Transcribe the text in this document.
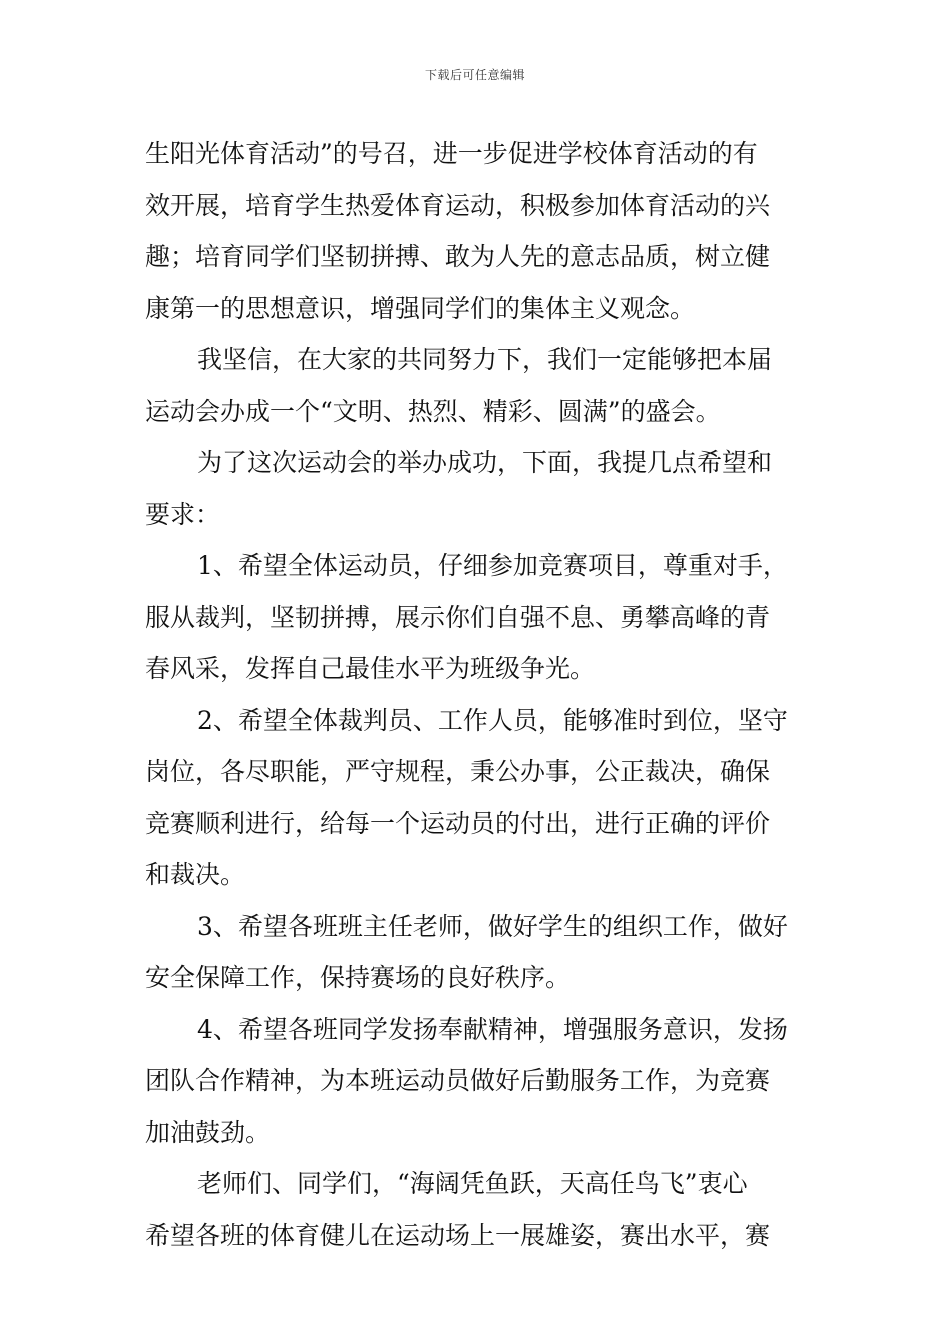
下载后可任意编辑
生阳光体育活动”的号召，进一步促进学校体育活动的有
效开展，培育学生热爱体育运动，积极参加体育活动的兴
趣；培育同学们坚韧拼搏、敢为人先的意志品质，树立健
康第一的思想意识，增强同学们的集体主义观念。
我坚信，在大家的共同努力下，我们一定能够把本届
运动会办成一个“文明、热烈、精彩、圆满”的盛会。
为了这次运动会的举办成功，下面，我提几点希望和
要求：
1、希望全体运动员，仔细参加竞赛项目，尊重对手，
服从裁判，坚韧拼搏，展示你们自强不息、勇攀高峰的青
春风采，发挥自己最佳水平为班级争光。
2、希望全体裁判员、工作人员，能够准时到位，坚守
岗位，各尽职能，严守规程，秉公办事，公正裁决，确保
竞赛顺利进行，给每一个运动员的付出，进行正确的评价
和裁决。
3、希望各班班主任老师，做好学生的组织工作，做好
安全保障工作，保持赛场的良好秩序。
4、希望各班同学发扬奉献精神，增强服务意识，发扬
团队合作精神，为本班运动员做好后勤服务工作，为竞赛
加油鼓劲。
老师们、同学们，“海阔凭鱼跃，天高任鸟飞”衷心
希望各班的体育健儿在运动场上一展雄姿，赛出水平，赛
